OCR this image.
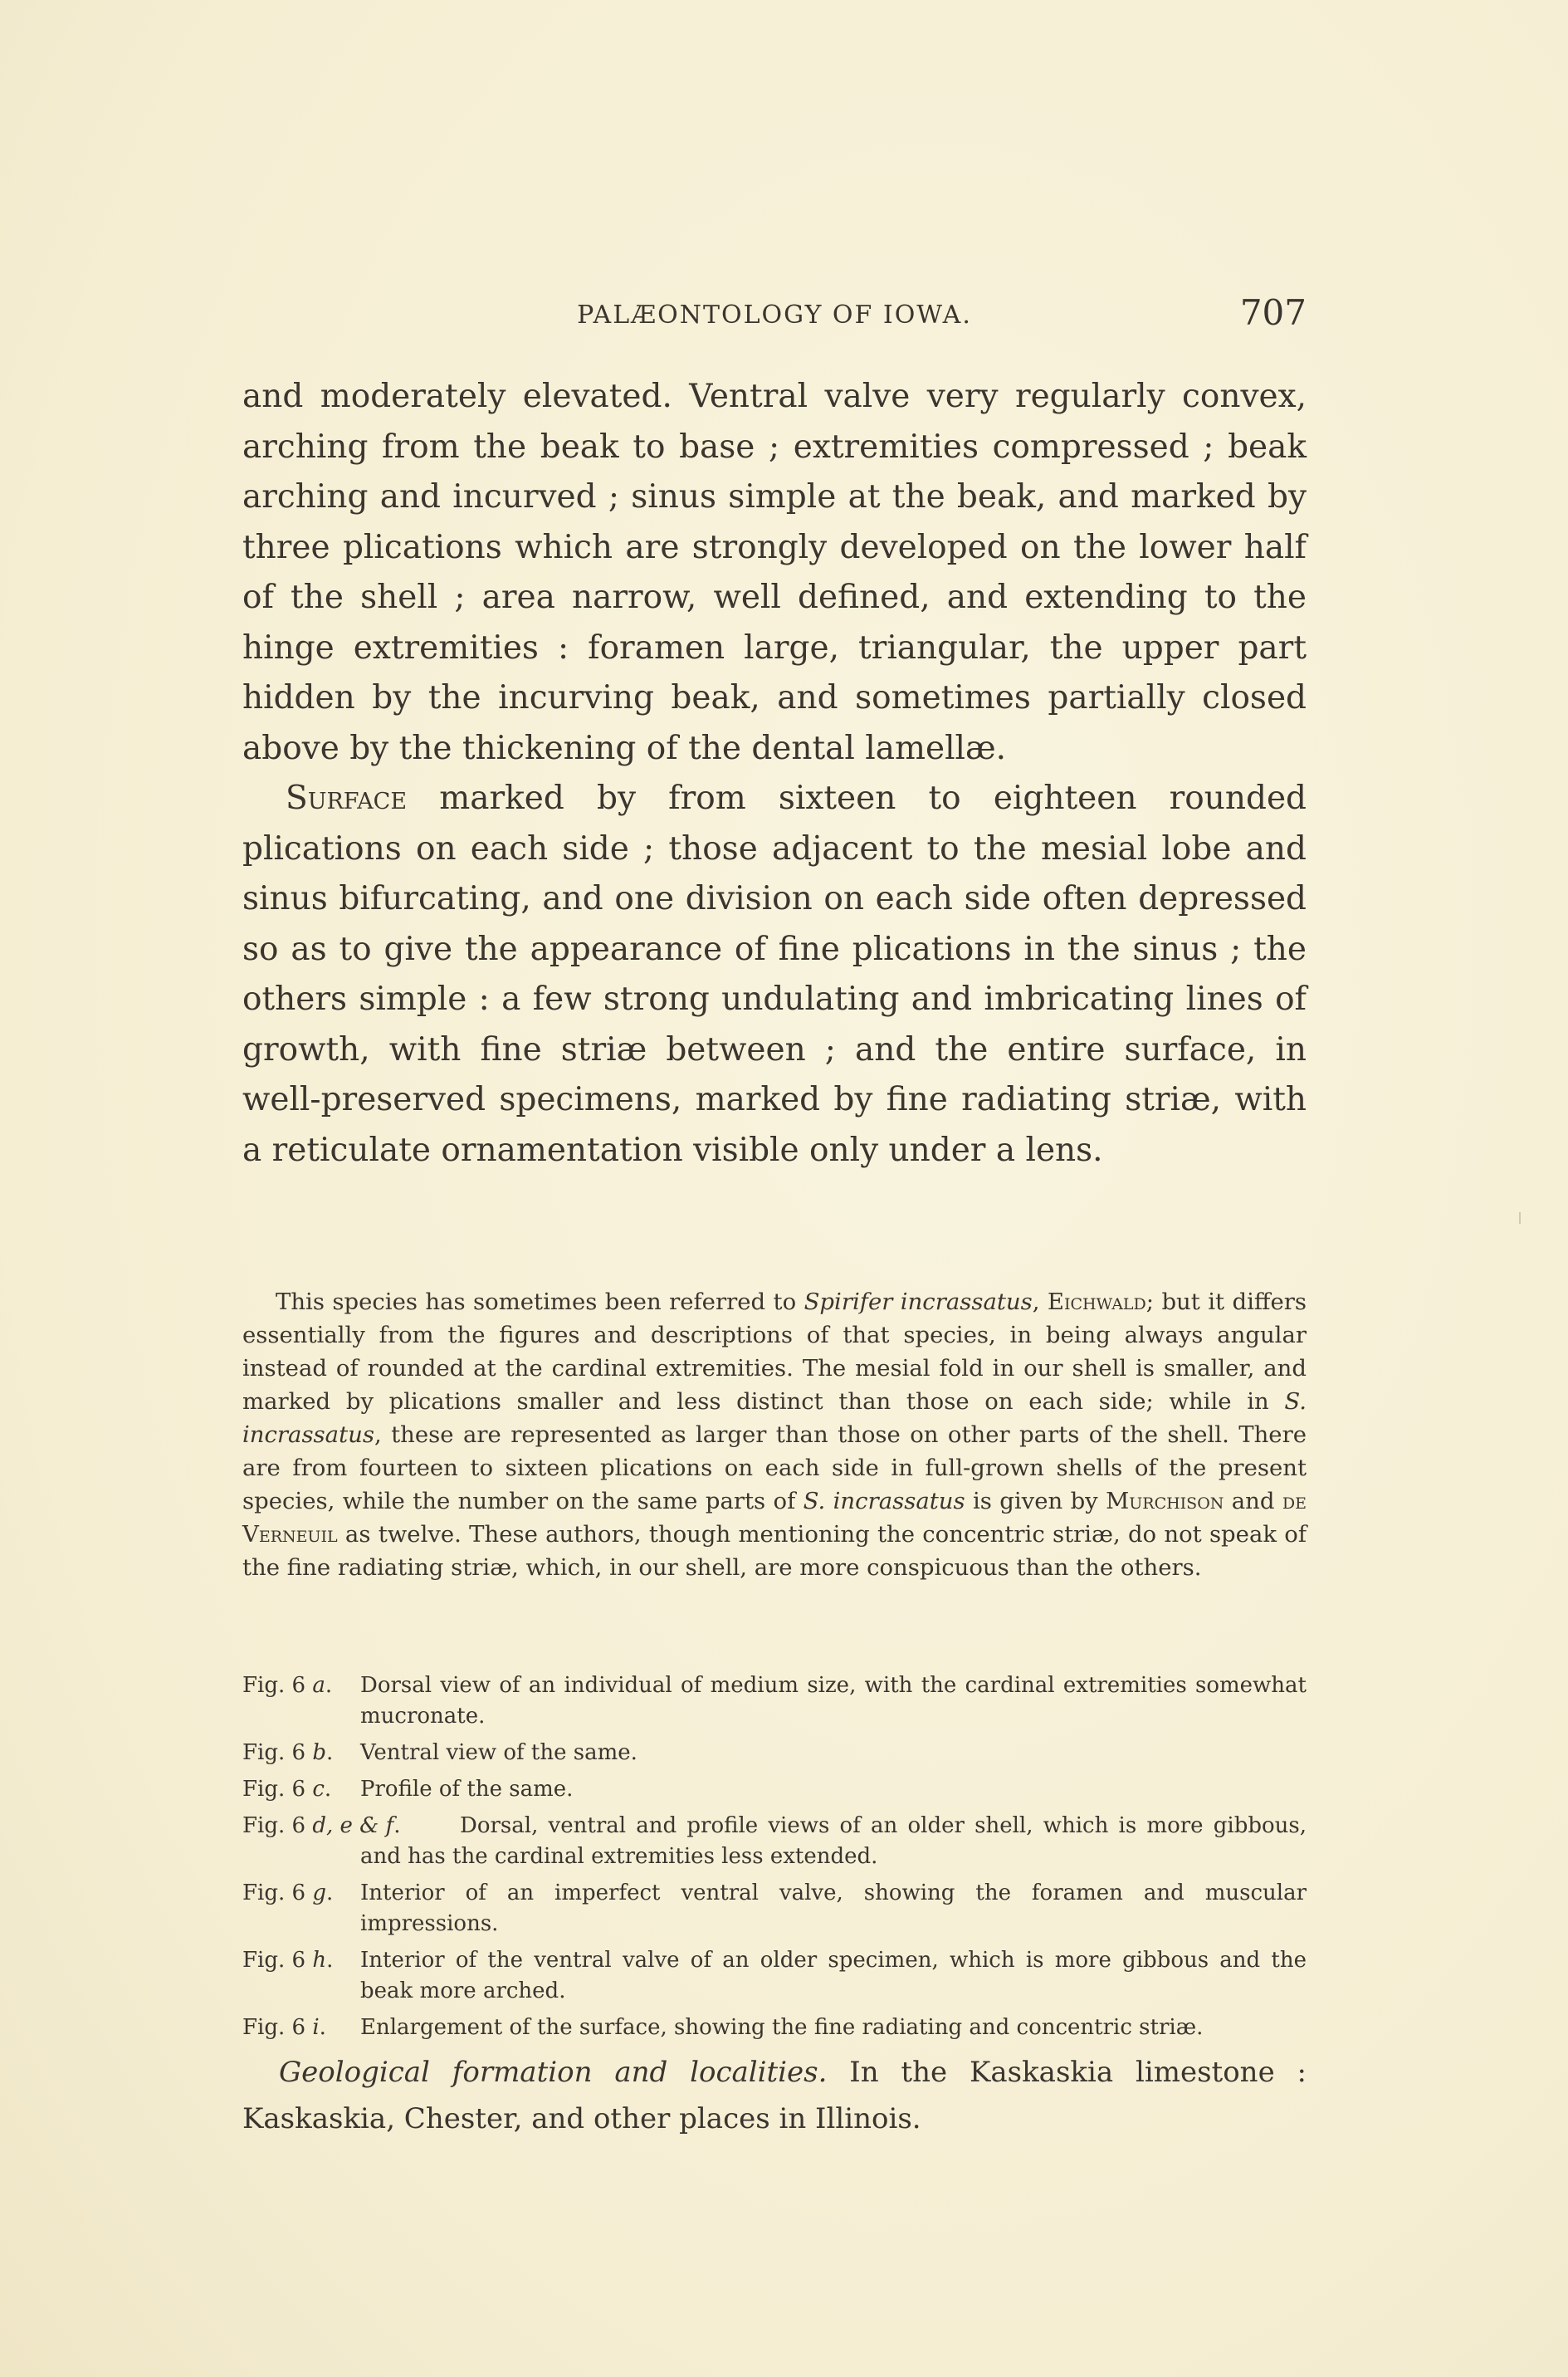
PALÆONTOLOGY OF IOWA.	707

and moderately elevated. Ventral valve very regularly convex, arching from the beak to base ; extremities compressed ; beak arching and incurved ; sinus simple at the beak, and marked by three plications which are strongly developed on the lower half of the shell ; area narrow, well defined, and extending to the hinge extremities : foramen large, triangular, the upper part hidden by the incurving beak, and sometimes partially closed above by the thickening of the dental lamellæ.

Surface marked by from sixteen to eighteen rounded plications on each side ; those adjacent to the mesial lobe and sinus bifurcating, and one division on each side often depressed so as to give the appearance of fine plications in the sinus ; the others simple : a few strong undulating and imbricating lines of growth, with fine striæ between ; and the entire surface, in well-preserved specimens, marked by fine radiating striæ, with a reticulate ornamentation visible only under a lens.

This species has sometimes been referred to Spirifer incrassatus, Eichwald; but it differs essentially from the figures and descriptions of that species, in being always angular instead of rounded at the cardinal extremities. The mesial fold in our shell is smaller, and marked by plications smaller and less distinct than those on each side; while in S. incrassatus, these are represented as larger than those on other parts of the shell. There are from fourteen to sixteen plications on each side in full-grown shells of the present species, while the number on the same parts of S. incrassatus is given by Murchison and de Verneuil as twelve. These authors, though mentioning the concentric striæ, do not speak of the fine radiating striæ, which, in our shell, are more conspicuous than the others.

Fig. 6 a. Dorsal view of an individual of medium size, with the cardinal extremities somewhat mucronate.
Fig. 6 b. Ventral view of the same.
Fig. 6 c. Profile of the same.
Fig. 6 d, e & f.	Dorsal, ventral and profile views of an older shell, which is more gibbous, and has the cardinal extremities less extended.
Fig. 6 g. Interior of an imperfect ventral valve, showing the foramen and muscular impressions.
Fig. 6 h. Interior of the ventral valve of an older specimen, which is more gibbous and the beak more arched.
Fig. 6 i. Enlargement of the surface, showing the fine radiating and concentric striæ.

Geological formation and localities. In the Kaskaskia limestone : Kaskaskia, Chester, and other places in Illinois.
